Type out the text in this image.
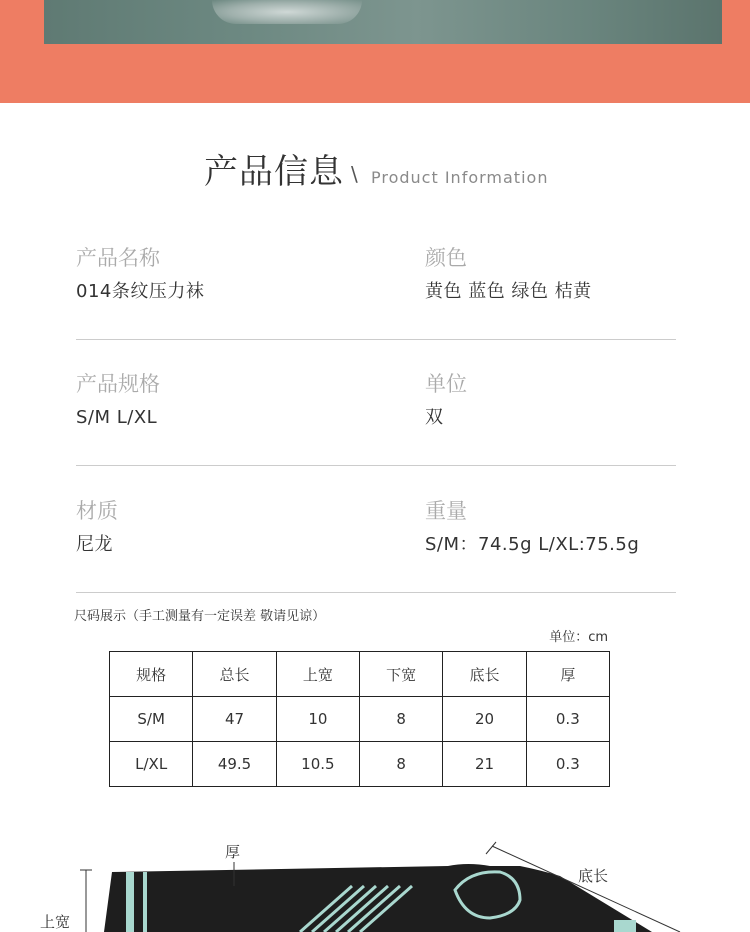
产品信息 \ Product Information
产品名称
014条纹压力袜
颜色
黄色 蓝色 绿色 桔黄
产品规格
S/M L/XL
单位
双
材质
尼龙
重量
S/M：74.5g L/XL:75.5g
尺码展示（手工测量有一定误差 敬请见谅）
单位：cm
规格	总长	上宽	下宽	底长	厚
S/M	47	10	8	20	0.3
L/XL	49.5	10.5	8	21	0.3
厚
底长
上宽
